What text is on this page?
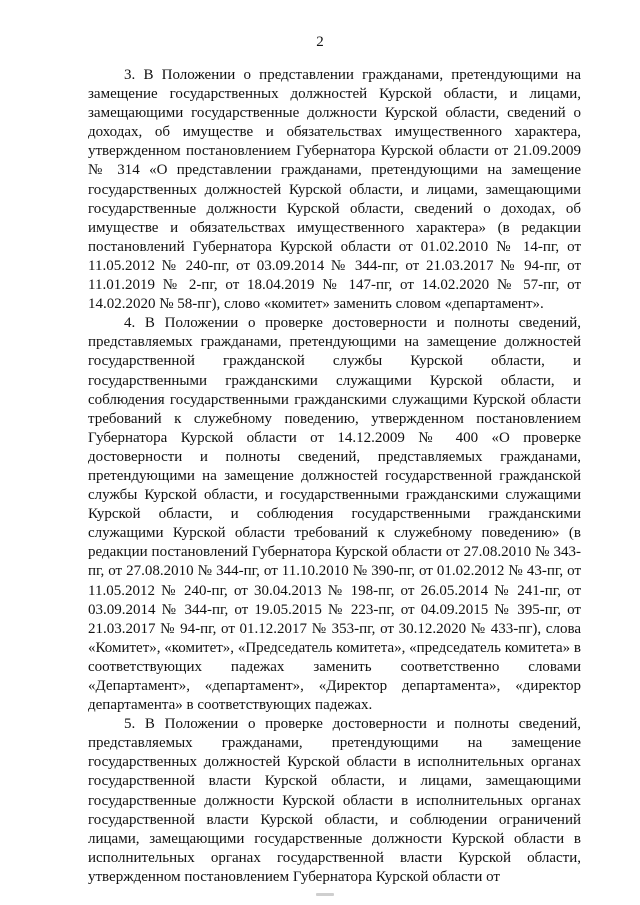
2

3. В Положении о представлении гражданами, претендующими на замещение государственных должностей Курской области, и лицами, замещающими государственные должности Курской области, сведений о доходах, об имуществе и обязательствах имущественного характера, утвержденном постановлением Губернатора Курской области от 21.09.2009 № 314 «О представлении гражданами, претендующими на замещение государственных должностей Курской области, и лицами, замещающими государственные должности Курской области, сведений о доходах, об имуществе и обязательствах имущественного характера» (в редакции постановлений Губернатора Курской области от 01.02.2010 № 14-пг, от 11.05.2012 № 240-пг, от 03.09.2014 № 344-пг, от 21.03.2017 № 94-пг, от 11.01.2019 № 2-пг, от 18.04.2019 № 147-пг, от 14.02.2020 № 57-пг, от 14.02.2020 № 58-пг), слово «комитет» заменить словом «департамент».

4. В Положении о проверке достоверности и полноты сведений, представляемых гражданами, претендующими на замещение должностей государственной гражданской службы Курской области, и государственными гражданскими служащими Курской области, и соблюдения государственными гражданскими служащими Курской области требований к служебному поведению, утвержденном постановлением Губернатора Курской области от 14.12.2009 № 400 «О проверке достоверности и полноты сведений, представляемых гражданами, претендующими на замещение должностей государственной гражданской службы Курской области, и государственными гражданскими служащими Курской области, и соблюдения государственными гражданскими служащими Курской области требований к служебному поведению» (в редакции постановлений Губернатора Курской области от 27.08.2010 № 343-пг, от 27.08.2010 № 344-пг, от 11.10.2010 № 390-пг, от 01.02.2012 № 43-пг, от 11.05.2012 № 240-пг, от 30.04.2013 № 198-пг, от 26.05.2014 № 241-пг, от 03.09.2014 № 344-пг, от 19.05.2015 № 223-пг, от 04.09.2015 № 395-пг, от 21.03.2017 № 94-пг, от 01.12.2017 № 353-пг, от 30.12.2020 № 433-пг), слова «Комитет», «комитет», «Председатель комитета», «председатель комитета» в соответствующих падежах заменить соответственно словами «Департамент», «департамент», «Директор департамента», «директор департамента» в соответствующих падежах.

5. В Положении о проверке достоверности и полноты сведений, представляемых гражданами, претендующими на замещение государственных должностей Курской области в исполнительных органах государственной власти Курской области, и лицами, замещающими государственные должности Курской области в исполнительных органах государственной власти Курской области, и соблюдении ограничений лицами, замещающими государственные должности Курской области в исполнительных органах государственной власти Курской области, утвержденном постановлением Губернатора Курской области от
